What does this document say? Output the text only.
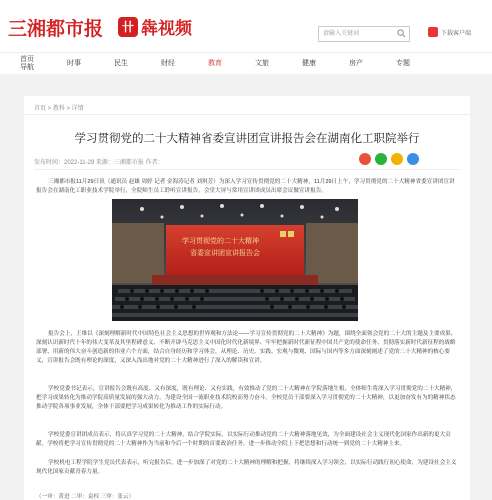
三湘都市报	卄 犇视频	请输入关键词	下载客户端
首页
导航
时事	民生	财经	教育	文旅	健康	房产	专题
首页 > 教科 > 详情
学习贯彻党的二十大精神省委宣讲团宣讲报告会在湖南化工职院举行
发布时间：2022-11-29 来源：三湘都市报 作者：

三湘都市报11月29日讯（通讯员 赵雄 周婷 记者 金海涛记者 刘琪芳）为深入学习宣传贯彻党的二十大精神，11月29日上午，学习贯彻党的二十大精神省委宣讲团宣讲报告会在湖南化工职业技术学院举行，全院师生员工聆听宣讲报告。会堂大屏与常用宣讲团成员出席会议做宣讲报告。

学习贯彻党的二十大精神
省委宣讲团宣讲报告会

报告会上，王维以《深刻理解新时代中国特色社会主义思想的世界观和方法论——学习宣传贯彻党的二十大精神》为题，围绕全面领会党的二十大的主题及主要成果、深刻认识新时代十年的伟大变革及其里程碑意义、不断开辟马克思主义中国化时代化新境界、牢牢把握新时代新征程中国共产党的使命任务、贯彻落实新时代新征程的战略部署、用新的伟大奋斗创造新的伟业六个方面，结合自身经历和学习体会，从理论、历史、实践、宏观与微观、国际与国内等多方面深刻阐述了党的二十大精神的核心要义，宣讲报告会既有理论的深度，又深入浅出地对党的二十大精神进行了深入的解读和宣讲。

学校党委书记表示，宣讲报告会既有高度、又有深度，既有理论、又有实践，有效推动了党的二十大精神在学院落地生根，全体师生将深入学习贯彻党的二十大精神，把学习成果转化为推动学院高质量发展的强大动力，为建设全国一流职业技术院校而努力奋斗。全校党员干部要深入学习贯彻党的二十大精神，以更加奋发有为的精神状态推动学院各项事业发展，全体干部要把学习成果转化为推动工作的实际行动。

学校党委宣讲团成员表示，将认真学习党的二十大精神，结合学院实际，以实际行动推动党的二十大精神落地见效，为全面建设社会主义现代化国家作出新的更大贡献。学校将把学习宣传贯彻党的二十大精神作为当前和今后一个时期的首要政治任务，进一步推动全院上下把思想和行动统一到党的二十大精神上来。

学校机电工程学院学生党员代表表示，听完报告后，进一步加深了对党的二十大精神的理解和把握，将继续深入学习领会，以实际行动践行初心使命，为建设社会主义现代化国家贡献青春力量。

（一审：黄进 二审：袁权 三审：张云）
